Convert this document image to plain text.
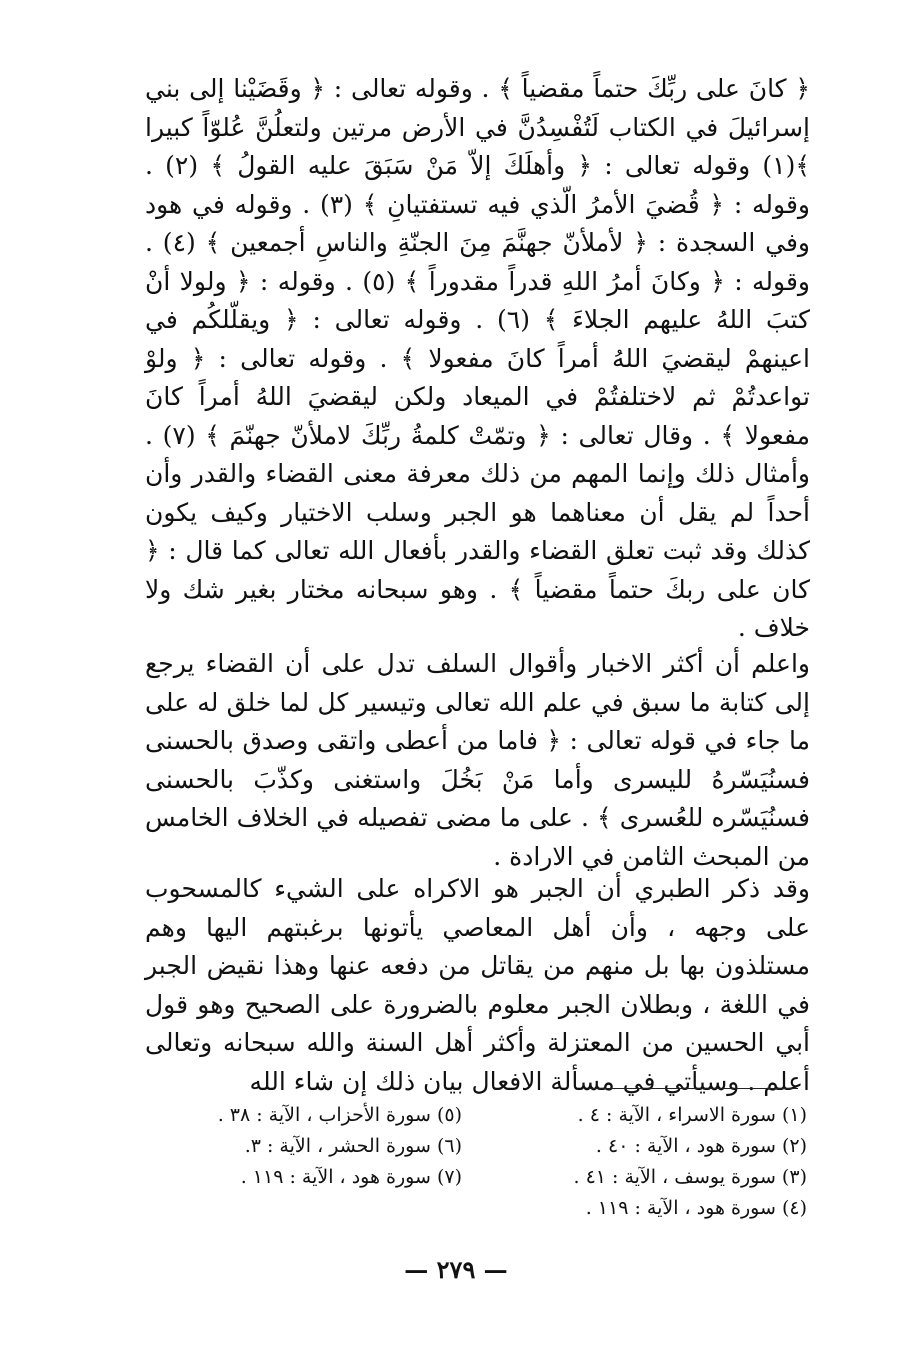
﴿ كانَ على ربِّكَ حتماً مقضياً ﴾ . وقوله تعالى : ﴿ وقَضَيْنا إلى بني إسرائيلَ في الكتاب لَتُفْسِدُنَّ في الأرض مرتين ولتعلُنَّ عُلوّاً كبيرا ﴾(١) وقوله تعالى : ﴿ وأهلَكَ إلاّ مَنْ سَبَقَ عليه القولُ ﴾ (٢) . وقوله : ﴿ قُضيَ الأمرُ الّذي فيه تستفتيانِ ﴾ (٣) . وقوله في هود وفي السجدة : ﴿ لأملأنّ جهنَّمَ مِنَ الجنّةِ والناسِ أجمعين ﴾ (٤) . وقوله : ﴿ وكانَ أمرُ اللهِ قدراً مقدوراً ﴾ (٥) . وقوله : ﴿ ولولا أنْ كتبَ اللهُ عليهم الجلاءَ ﴾ (٦) . وقوله تعالى : ﴿ ويقلّلكُم في اعينهمْ ليقضيَ اللهُ أمراً كانَ مفعولا ﴾ . وقوله تعالى : ﴿ ولوْ تواعدتُمْ ثم لاختلفتُمْ في الميعاد ولكن ليقضيَ اللهُ أمراً كانَ مفعولا ﴾ . وقال تعالى : ﴿ وتمّتْ كلمةُ ربِّكَ لاملأنّ جهنّمَ ﴾ (٧) . وأمثال ذلك وإنما المهم من ذلك معرفة معنى القضاء والقدر وأن أحداً لم يقل أن معناهما هو الجبر وسلب الاختيار وكيف يكون كذلك وقد ثبت تعلق القضاء والقدر بأفعال الله تعالى كما قال : ﴿ كان على ربكَ حتماً مقضياً ﴾ . وهو سبحانه مختار بغير شك ولا خلاف .
واعلم أن أكثر الاخبار وأقوال السلف تدل على أن القضاء يرجع إلى كتابة ما سبق في علم الله تعالى وتيسير كل لما خلق له على ما جاء في قوله تعالى : ﴿ فاما من أعطى واتقى وصدق بالحسنى فسنُيَسّرهُ لليسرى وأما مَنْ بَخُلَ واستغنى وكذّبَ بالحسنى فسنُيَسّره للعُسرى ﴾ . على ما مضى تفصيله في الخلاف الخامس من المبحث الثامن في الارادة .
وقد ذكر الطبري أن الجبر هو الاكراه على الشيء كالمسحوب على وجهه ، وأن أهل المعاصي يأتونها برغبتهم اليها وهم مستلذون بها بل منهم من يقاتل من دفعه عنها وهذا نقيض الجبر في اللغة ، وبطلان الجبر معلوم بالضرورة على الصحيح وهو قول أبي الحسين من المعتزلة وأكثر أهل السنة والله سبحانه وتعالى أعلم . وسيأتي في مسألة الافعال بيان ذلك إن شاء الله
(١) سورة الاسراء ، الآية : ٤ .
(٢) سورة هود ، الآية : ٤٠ .
(٣) سورة يوسف ، الآية : ٤١ .
(٤) سورة هود ، الآية : ١١٩ .
(٥) سورة الأحزاب ، الآية : ٣٨ .
(٦) سورة الحشر ، الآية : ٣.
(٧) سورة هود ، الآية : ١١٩ .
— ٢٧٩ —
